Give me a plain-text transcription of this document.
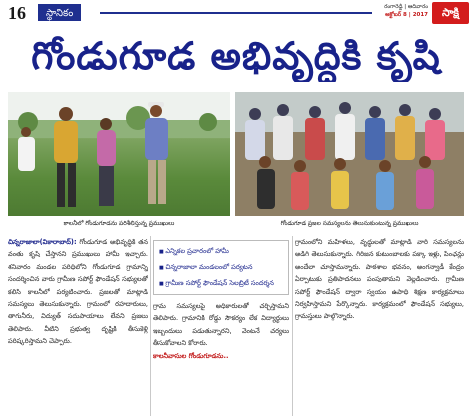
16	స్థానికం
రంగారెడ్డి | ఆదివారం
అక్టోబర్ 8 | 2017	సాక్షి
గోండుగూడ అభివృద్ధికి కృషి
కాలనీలో గోండుగూడను పరిశీలిస్తున్న ప్రముఖులు	గోండుగూడ ప్రజల సమస్యలను తెలుసుకుంటున్న ప్రముఖులు
చిన్నరాజాలా(వికారాబాద్): గోండుగూడ అభివృద్ధికి తన వంతు కృషి చేస్తానని ప్రముఖులు హామీ ఇచ్చారు. శనివారం మండల పరిధిలోని గోండుగూడ గ్రామాన్ని సందర్శించిన వారు గ్రామీణ సపోర్ట్ ఫౌండేషన్ సభ్యులతో కలిసి కాలనీలో పర్యటించారు. ప్రజలతో మాట్లాడి సమస్యలు తెలుసుకున్నారు. గ్రామంలో రహదారులు, తాగునీరు, విద్యుత్ సదుపాయాలు లేవని ప్రజలు తెలిపారు. వీటిని ప్రభుత్వ దృష్టికి తీసుకెళ్లి పరిష్కరిస్తామని చెప్పారు.
■ ఎన్నికల ప్రచారంలో హామీ
■ చిన్నరాజాలా మండలంలో పర్యటన
■ గ్రామీణ సపోర్ట్ ఫౌండేషన్ సెలబ్రిటీ సందర్శన
గ్రామ సమస్యలపై అధికారులతో చర్చిస్తామని తెలిపారు. గ్రామానికి రోడ్డు సౌకర్యం లేక విద్యార్థులు ఇబ్బందులు పడుతున్నారని, వెంటనే చర్యలు తీసుకోవాలని కోరారు.
కాలనీవాసుల గోండుగూడను..
గ్రామంలోని మహిళలు, వృద్ధులతో మాట్లాడి వారి సమస్యలను అడిగి తెలుసుకున్నారు. గిరిజన కుటుంబాలకు పక్కా ఇళ్లు, పింఛన్లు అందేలా చూస్తామన్నారు. పాఠశాల భవనం, అంగన్వాడీ కేంద్రం ఏర్పాటుకు ప్రతిపాదనలు పంపుతామని వెల్లడించారు. గ్రామీణ సపోర్ట్ ఫౌండేషన్ ద్వారా స్వయం ఉపాధి శిక్షణ కార్యక్రమాలు నిర్వహిస్తామని పేర్కొన్నారు. కార్యక్రమంలో ఫౌండేషన్ సభ్యులు, గ్రామస్తులు పాల్గొన్నారు.
